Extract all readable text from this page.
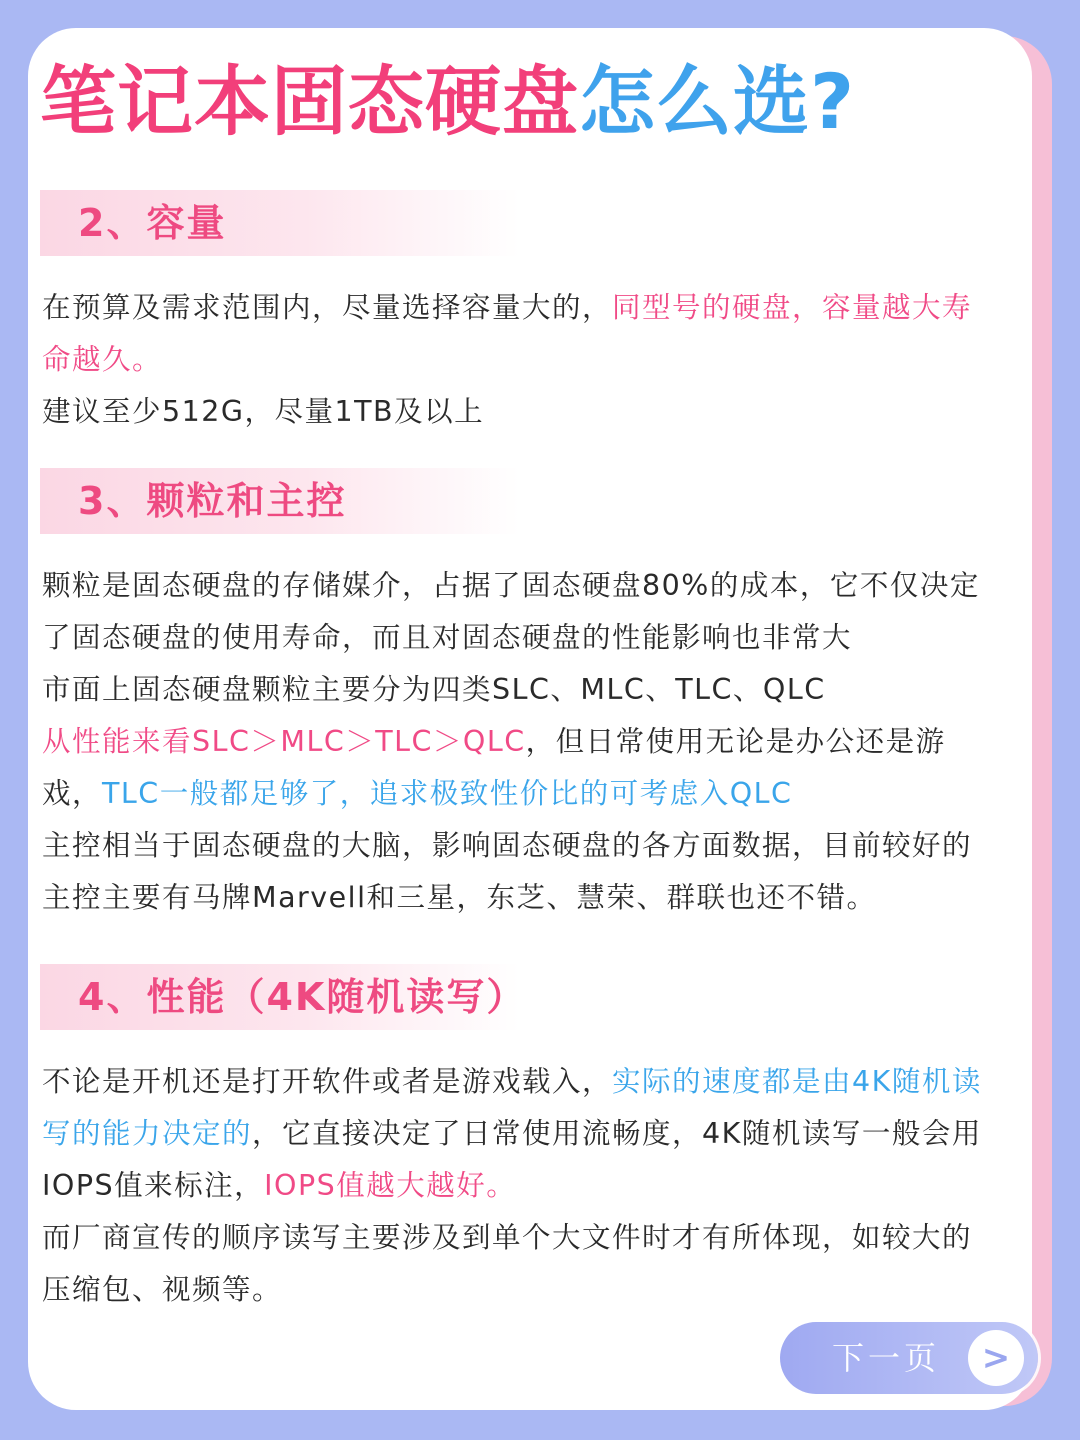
笔记本固态硬盘怎么选?
2、容量

在预算及需求范围内，尽量选择容量大的，同型号的硬盘，容量越大寿命越久。

建议至少512G，尽量1TB及以上

3、颗粒和主控

颗粒是固态硬盘的存储媒介，占据了固态硬盘80%的成本，它不仅决定了固态硬盘的使用寿命，而且对固态硬盘的性能影响也非常大

市面上固态硬盘颗粒主要分为四类SLC、MLC、TLC、QLC

从性能来看SLC＞MLC＞TLC＞QLC，但日常使用无论是办公还是游戏，TLC一般都足够了，追求极致性价比的可考虑入QLC

主控相当于固态硬盘的大脑，影响固态硬盘的各方面数据，目前较好的主控主要有马牌Marvell和三星，东芝、慧荣、群联也还不错。

4、性能（4K随机读写）

不论是开机还是打开软件或者是游戏载入，实际的速度都是由4K随机读写的能力决定的，它直接决定了日常使用流畅度，4K随机读写一般会用IOPS值来标注，IOPS值越大越好。

而厂商宣传的顺序读写主要涉及到单个大文件时才有所体现，如较大的压缩包、视频等。

下一页	>
